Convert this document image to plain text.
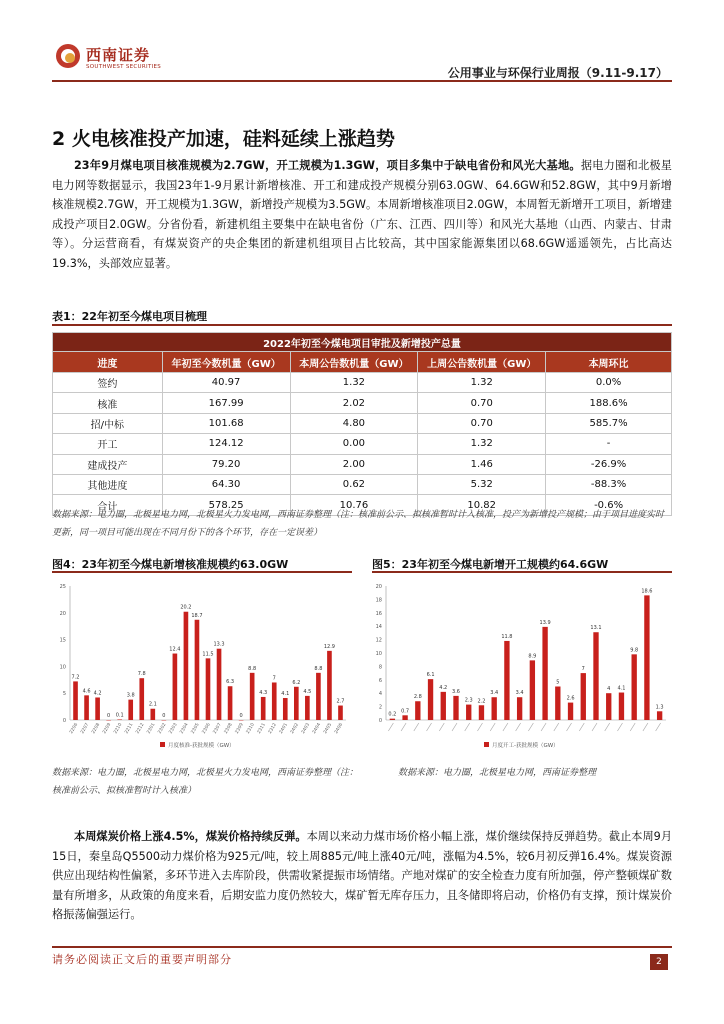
西南证券
SOUTHWEST SECURITIES	公用事业与环保行业周报（9.11-9.17）
2 火电核准投产加速，硅料延续上涨趋势
23年9月煤电项目核准规模为2.7GW，开工规模为1.3GW，项目多集中于缺电省份和风光大基地。据电力圈和北极星电力网等数据显示，我国23年1-9月累计新增核准、开工和建成投产规模分别63.0GW、64.6GW和52.8GW，其中9月新增核准规模2.7GW，开工规模为1.3GW，新增投产规模为3.5GW。本周新增核准项目2.0GW，本周暂无新增开工项目，新增建成投产项目2.0GW。分省份看，新建机组主要集中在缺电省份（广东、江西、四川等）和风光大基地（山西、内蒙古、甘肃等）。分运营商看，有煤炭资产的央企集团的新建机组项目占比较高，其中国家能源集团以68.6GW遥遥领先，占比高达19.3%，头部效应显著。
表1：22年初至今煤电项目梳理
2022年初至今煤电项目审批及新增投产总量				
进度	年初至今数机量（GW）	本周公告数机量（GW）	上周公告数机量（GW）	本周环比
签约	40.97	1.32	1.32	0.0%
核准	167.99	2.02	0.70	188.6%
招/中标	101.68	4.80	0.70	585.7%
开工	124.12	0.00	1.32	-
建成投产	79.20	2.00	1.46	-26.9%
其他进度	64.30	0.62	5.32	-88.3%
合计	578.25	10.76	10.82	-0.6%
数据来源：电力圈，北极星电力网，北极星火力发电网，西南证券整理（注：核准前公示、拟核准暂时计入核准，投产为新增投产规模；由于项目进度实时更新，同一项目可能出现在不同月份下的各个环节，存在一定误差）
图4：23年初至今煤电新增核准规模约63.0GW
0
5
10
15
20
25
7.2
2206
4.6
2207
4.2
2208
0
2209
0.1
2210
3.8
2211
7.8
2212
2.1
2301
0
2302
12.4
2303
20.2
2304
18.7
2305
11.5
2306
13.3
2307
6.3
2308
0
2309
8.8
2310
4.3
2311
7
2312
4.1
2401
6.2
2402
4.5
2403
8.8
2404
12.9
2405
2.7
2406
月度核准-获批规模（GW）
数据来源：电力圈，北极星电力网，北极星火力发电网，西南证券整理（注：核准前公示、拟核准暂时计入核准）
图5：23年初至今煤电新增开工规模约64.6GW
0
2
4
6
8
10
12
14
16
18
20
0.2
0.7
2.8
6.1
4.2
3.6
2.3 2.2
3.4
11.8
3.4
8.9
13.9
5
2.6
7
13.1
4 4.1
9.8
18.6
1.3
月度开工-获批规模（GW）
数据来源：电力圈，北极星电力网，西南证券整理
本周煤炭价格上涨4.5%，煤炭价格持续反弹。本周以来动力煤市场价格小幅上涨，煤价继续保持反弹趋势。截止本周9月15日，秦皇岛Q5500动力煤价格为925元/吨，较上周885元/吨上涨40元/吨，涨幅为4.5%，较6月初反弹16.4%。煤炭资源供应出现结构性偏紧，多环节进入去库阶段，供需收紧提振市场情绪。产地对煤矿的安全检查力度有所加强，停产整顿煤矿数量有所增多，从政策的角度来看，后期安监力度仍然较大，煤矿暂无库存压力，且冬储即将启动，价格仍有支撑，预计煤炭价格振荡偏强运行。
请务必阅读正文后的重要声明部分	2
